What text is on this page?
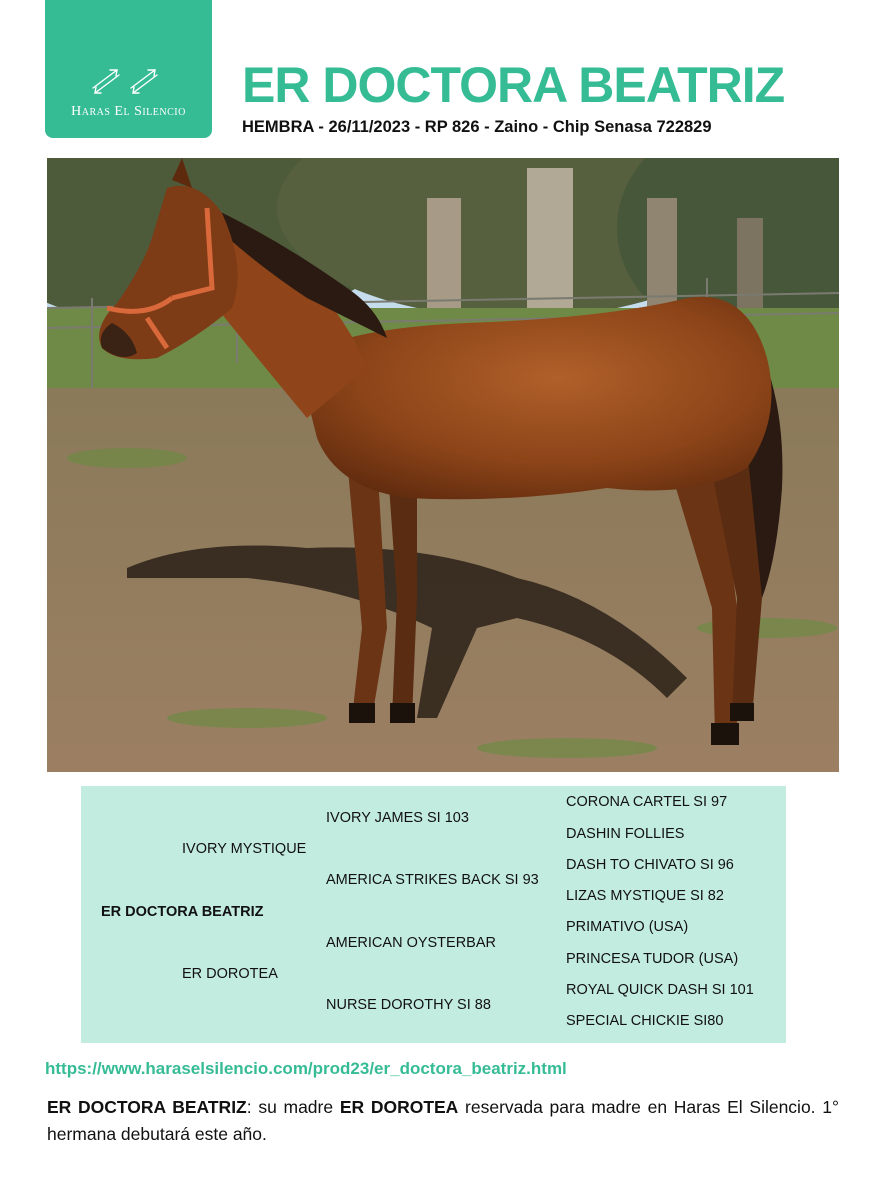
Haras El Silencio	ER DOCTORA BEATRIZ
HEMBRA - 26/11/2023 - RP 826 - Zaino - Chip Senasa 722829
ER DOCTORA BEATRIZ
IVORY MYSTIQUE
ER DOROTEA
IVORY JAMES SI 103
AMERICA STRIKES BACK SI 93
AMERICAN OYSTERBAR
NURSE DOROTHY SI 88
CORONA CARTEL SI 97
DASHIN FOLLIES
DASH TO CHIVATO SI 96
LIZAS MYSTIQUE SI 82
PRIMATIVO (USA)
PRINCESA TUDOR (USA)
ROYAL QUICK DASH SI 101
SPECIAL CHICKIE SI80
https://www.haraselsilencio.com/prod23/er_doctora_beatriz.html
ER DOCTORA BEATRIZ: su madre ER DOROTEA reservada para madre en Haras El Silencio. 1° hermana debutará este año.
